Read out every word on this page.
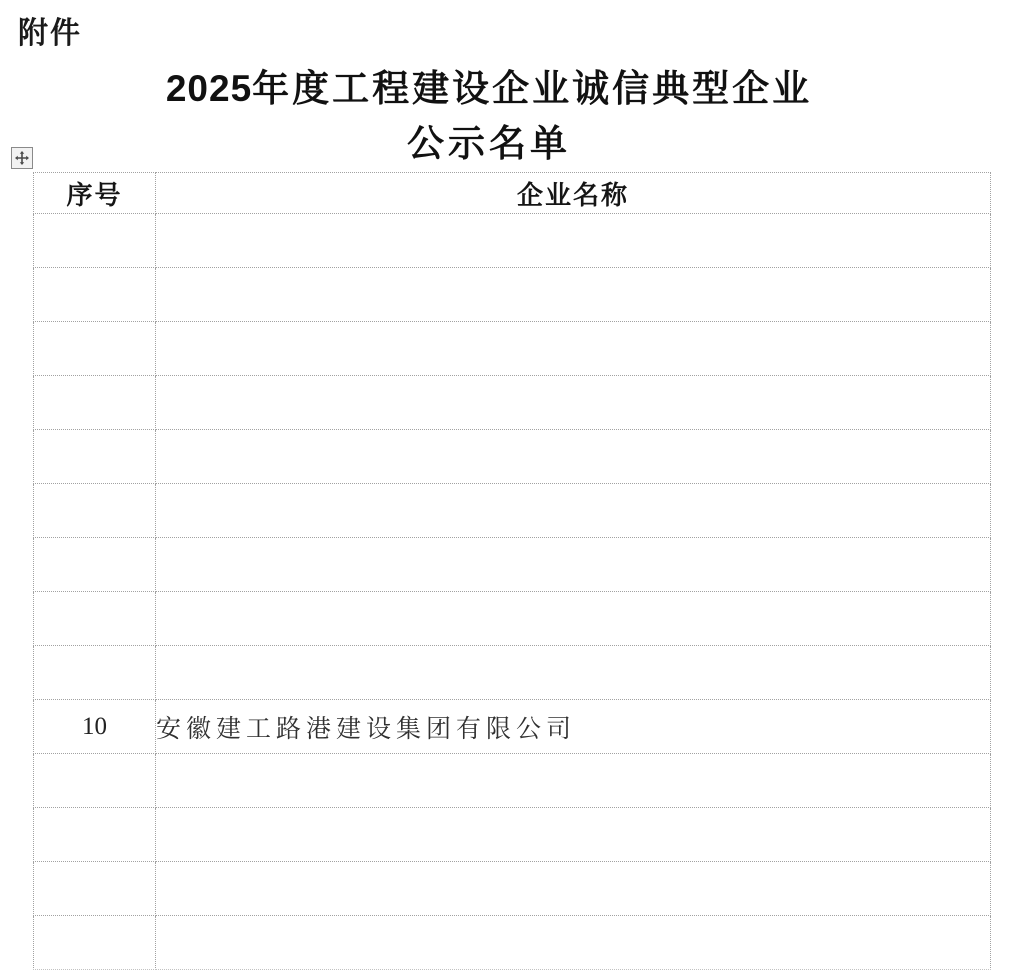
附件
2025年度工程建设企业诚信典型企业
公示名单
序号	企业名称

10	安徽建工路港建设集团有限公司
